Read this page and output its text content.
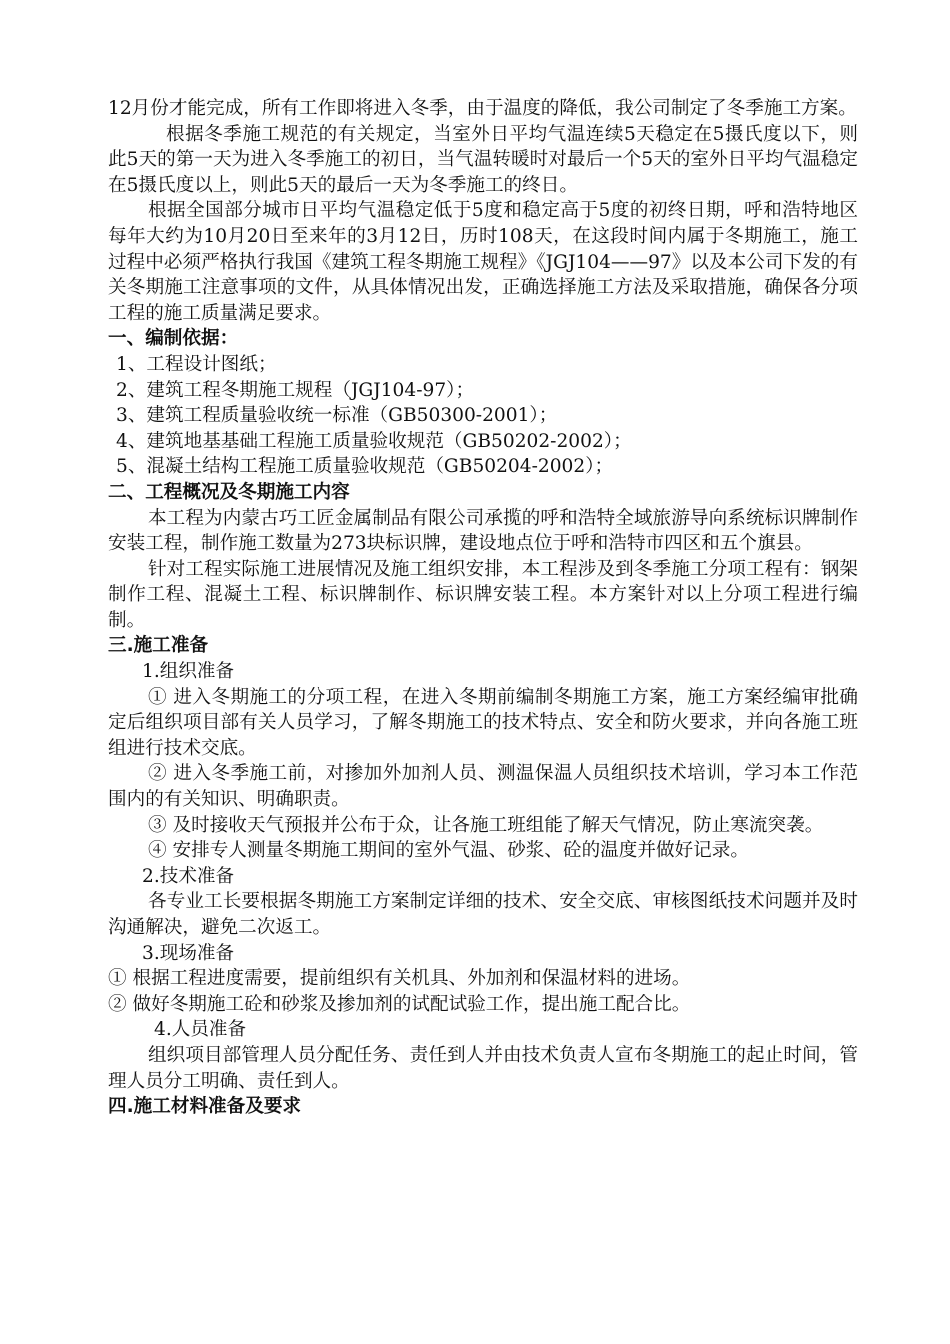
12月份才能完成，所有工作即将进入冬季，由于温度的降低，我公司制定了冬季施工方案。

根据冬季施工规范的有关规定，当室外日平均气温连续5天稳定在5摄氏度以下，则此5天的第一天为进入冬季施工的初日，当气温转暖时对最后一个5天的室外日平均气温稳定在5摄氏度以上，则此5天的最后一天为冬季施工的终日。

根据全国部分城市日平均气温稳定低于5度和稳定高于5度的初终日期，呼和浩特地区每年大约为10月20日至来年的3月12日，历时108天，在这段时间内属于冬期施工，施工过程中必须严格执行我国《建筑工程冬期施工规程》《JGJ104——97》以及本公司下发的有关冬期施工注意事项的文件，从具体情况出发，正确选择施工方法及采取措施，确保各分项工程的施工质量满足要求。

一、编制依据：

1、工程设计图纸；

2、建筑工程冬期施工规程（JGJ104-97）；

3、建筑工程质量验收统一标准（GB50300-2001）；

4、建筑地基基础工程施工质量验收规范（GB50202-2002）；

5、混凝土结构工程施工质量验收规范（GB50204-2002）；

二、工程概况及冬期施工内容

本工程为内蒙古巧工匠金属制品有限公司承揽的呼和浩特全域旅游导向系统标识牌制作安装工程，制作施工数量为273块标识牌，建设地点位于呼和浩特市四区和五个旗县。

针对工程实际施工进展情况及施工组织安排，本工程涉及到冬季施工分项工程有：钢架制作工程、混凝土工程、标识牌制作、标识牌安装工程。本方案针对以上分项工程进行编制。

三.施工准备

1.组织准备

① 进入冬期施工的分项工程，在进入冬期前编制冬期施工方案，施工方案经编审批确定后组织项目部有关人员学习，了解冬期施工的技术特点、安全和防火要求，并向各施工班组进行技术交底。

② 进入冬季施工前，对掺加外加剂人员、测温保温人员组织技术培训，学习本工作范围内的有关知识、明确职责。

③ 及时接收天气预报并公布于众，让各施工班组能了解天气情况，防止寒流突袭。

④ 安排专人测量冬期施工期间的室外气温、砂浆、砼的温度并做好记录。

2.技术准备

各专业工长要根据冬期施工方案制定详细的技术、安全交底、审核图纸技术问题并及时沟通解决，避免二次返工。

3.现场准备

① 根据工程进度需要，提前组织有关机具、外加剂和保温材料的进场。

② 做好冬期施工砼和砂浆及掺加剂的试配试验工作，提出施工配合比。

4.人员准备

组织项目部管理人员分配任务、责任到人并由技术负责人宣布冬期施工的起止时间，管理人员分工明确、责任到人。

四.施工材料准备及要求
